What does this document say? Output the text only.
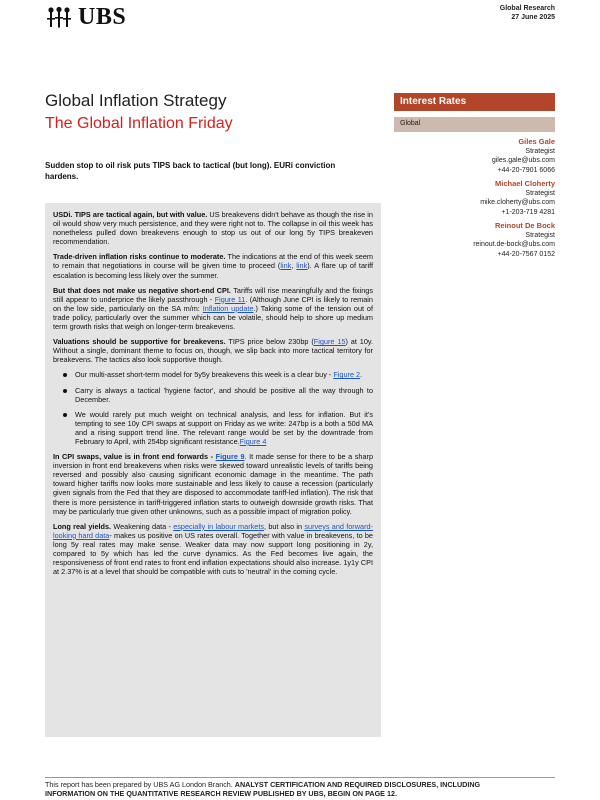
UBS	Global Research
27 June 2025
Global Inflation Strategy
The Global Inflation Friday
Interest Rates
Global
Giles Gale
Strategist
giles.gale@ubs.com
+44-20-7901 6066
Michael Cloherty
Strategist
mike.cloherty@ubs.com
+1-203-719 4281
Reinout De Bock
Strategist
reinout.de-bock@ubs.com
+44-20-7567 0152

Sudden stop to oil risk puts TIPS back to tactical (but long). EURi conviction hardens.

USDi. TIPS are tactical again, but with value. US breakevens didn't behave as though the rise in oil would show very much persistence, and they were right not to. The collapse in oil this week has nonetheless pulled down breakevens enough to stop us out of our long 5y TIPS breakeven recommendation.

Trade-driven inflation risks continue to moderate. The indications at the end of this week seem to remain that negotiations in course will be given time to proceed (link, link). A flare up of tariff escalation is becoming less likely over the summer.

But that does not make us negative short-end CPI. Tariffs will rise meaningfully and the fixings still appear to underprice the likely passthrough - Figure 11. (Although June CPI is likely to remain on the low side, particularly on the SA m/m: Inflation update.) Taking some of the tension out of trade policy, particularly over the summer which can be volatile, should help to shore up medium term growth risks that weigh on longer-term breakevens.

Valuations should be supportive for breakevens. TIPS price below 230bp (Figure 15) at 10y. Without a single, dominant theme to focus on, though, we slip back into more tactical territory for breakevens. The tactics also look supportive though.

Our multi-asset short-term model for 5y5y breakevens this week is a clear buy - Figure 2.
Carry is always a tactical 'hygiene factor', and should be positive all the way through to December.
We would rarely put much weight on technical analysis, and less for inflation. But it's tempting to see 10y CPI swaps at support on Friday as we write: 247bp is a both a 50d MA and a rising support trend line. The relevant range would be set by the downtrade from February to April, with 254bp significant resistance.Figure 4

In CPI swaps, value is in front end forwards - Figure 9. It made sense for there to be a sharp inversion in front end breakevens when risks were skewed toward unrealistic levels of tariffs being reversed and possibly also causing significant economic damage in the meantime. The path toward higher tariffs now looks more sustainable and less likely to cause a recession (particularly given signals from the Fed that they are disposed to accommodate tariff-led inflation). The risk that there is more persistence in tariff-triggered inflation starts to outweigh downside growth risks. That may be particularly true given other unknowns, such as a possible impact of migration policy.

Long real yields. Weakening data - especially in labour markets, but also in surveys and forward-looking hard data- makes us positive on US rates overall. Together with value in breakevens, to be long 5y real rates may make sense. Weaker data may now support long positioning in 2y, compared to 5y which has led the curve dynamics. As the Fed becomes live again, the responsiveness of front end rates to front end inflation expectations should also increase. 1y1y CPI at 2.37% is at a level that should be compatible with cuts to 'neutral' in the coming cycle.

This report has been prepared by UBS AG London Branch. ANALYST CERTIFICATION AND REQUIRED DISCLOSURES, INCLUDING
INFORMATION ON THE QUANTITATIVE RESEARCH REVIEW PUBLISHED BY UBS, BEGIN ON PAGE 12.
